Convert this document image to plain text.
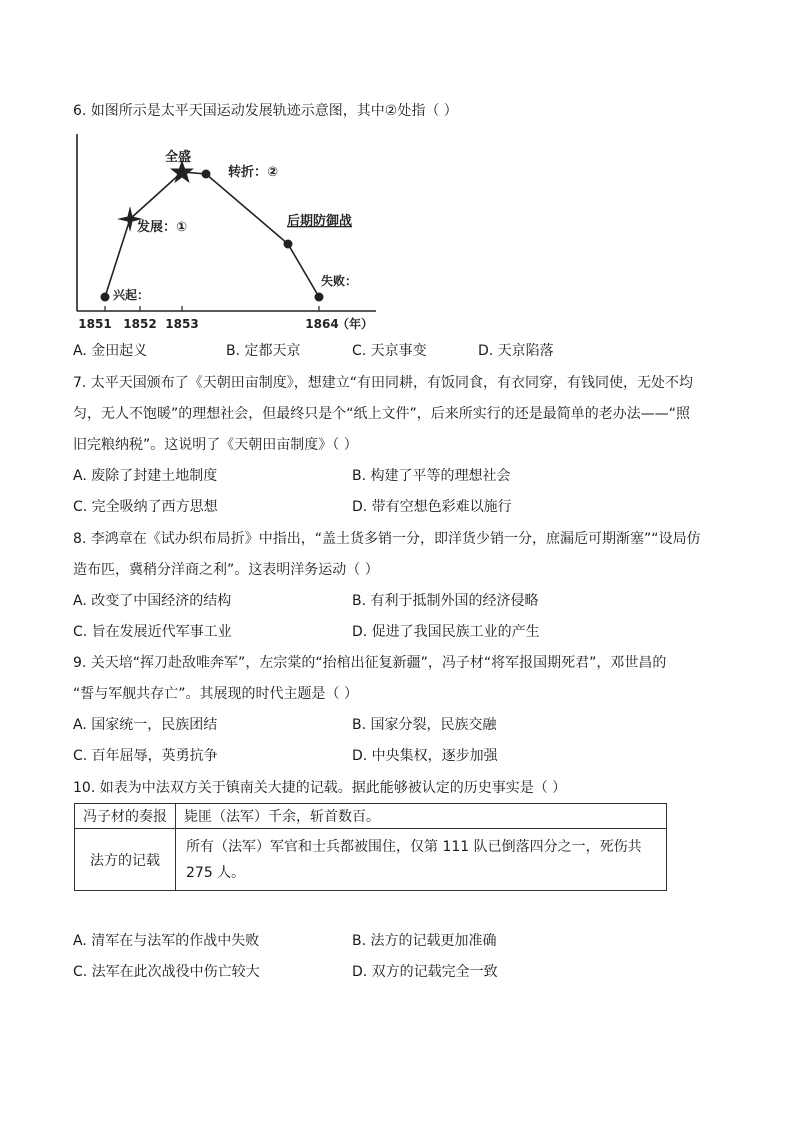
6. 如图所示是太平天国运动发展轨迹示意图，其中②处指（ ）
兴起：
发展：①
全盛
转折：②
后期防御战
失败：
1851 1852 1853	1864
（年）
A. 金田起义	B. 定都天京	C. 天京事变	D. 天京陷落
7. 太平天国颁布了《天朝田亩制度》，想建立“有田同耕，有饭同食，有衣同穿，有钱同使，无处不均
匀，无人不饱暖”的理想社会，但最终只是个“纸上文件”，后来所实行的还是最简单的老办法——“照
旧完粮纳税”。这说明了《天朝田亩制度》（ ）
A. 废除了封建土地制度	B. 构建了平等的理想社会
C. 完全吸纳了西方思想	D. 带有空想色彩难以施行
8. 李鸿章在《试办织布局折》中指出，“盖土货多销一分，即洋货少销一分，庶漏卮可期渐塞”“设局仿
造布匹，冀稍分洋商之利”。这表明洋务运动（ ）
A. 改变了中国经济的结构	B. 有利于抵制外国的经济侵略
C. 旨在发展近代军事工业	D. 促进了我国民族工业的产生
9. 关天培“挥刀赴敌唯奔军”，左宗棠的“抬棺出征复新疆”，冯子材“将军报国期死君”，邓世昌的
“誓与军舰共存亡”。其展现的时代主题是（ ）
A. 国家统一，民族团结	B. 国家分裂，民族交融
C. 百年屈辱，英勇抗争	D. 中央集权，逐步加强
10. 如表为中法双方关于镇南关大捷的记载。据此能够被认定的历史事实是（ ）
冯子材的奏报	毙匪（法军）千余，斩首数百。
法方的记载	所有（法军）军官和士兵都被围住，仅第 111 队已倒落四分之一，死伤共 275 人。
A. 清军在与法军的作战中失败	B. 法方的记载更加准确
C. 法军在此次战役中伤亡较大	D. 双方的记载完全一致
